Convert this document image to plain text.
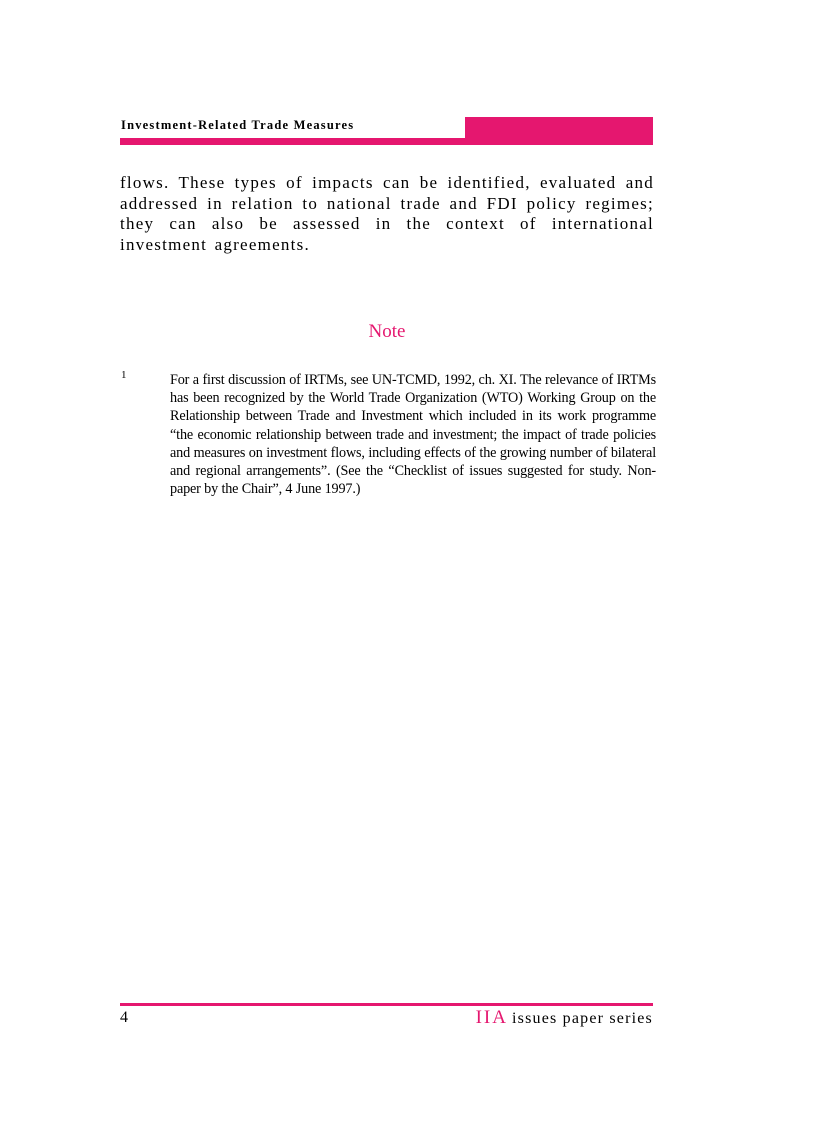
Investment-Related Trade Measures

flows. These types of impacts can be identified, evaluated and addressed in relation to national trade and FDI policy regimes; they can also be assessed in the context of international investment agreements.

Note
1	For a first discussion of IRTMs, see UN-TCMD, 1992, ch. XI. The relevance of IRTMs has been recognized by the World Trade Organization (WTO) Working Group on the Relationship between Trade and Investment which included in its work programme “the economic relationship between trade and investment; the impact of trade policies and measures on investment flows, including effects of the growing number of bilateral and regional arrangements”. (See the “Checklist of issues suggested for study. Non-paper by the Chair”, 4 June 1997.)

4	IIA issues paper series
